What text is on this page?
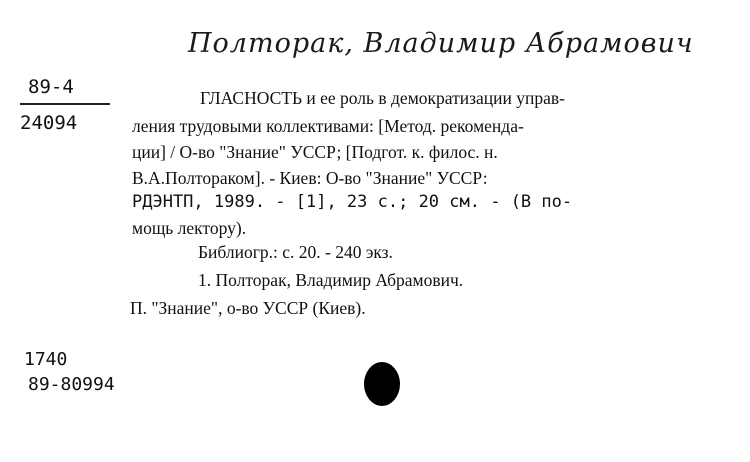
Полторак, Владимир Абрамович
89-4
24094
ГЛАСНОСТЬ и ее роль в демократизации управ-
ления трудовыми коллективами: [Метод. рекоменда-
ции] / О-во "Знание" УССР; [Подгот. к. филос. н.
В.А.Полтораком]. - Киев: О-во "Знание" УССР:
РДЭНТП, 1989. - [1], 23 с.; 20 см. - (В по-
мощь лектору).
Библиогр.: с. 20. - 240 экз.
1. Полторак, Владимир Абрамович.
П. "Знание", о-во УССР (Киев).
1740
89-80994
